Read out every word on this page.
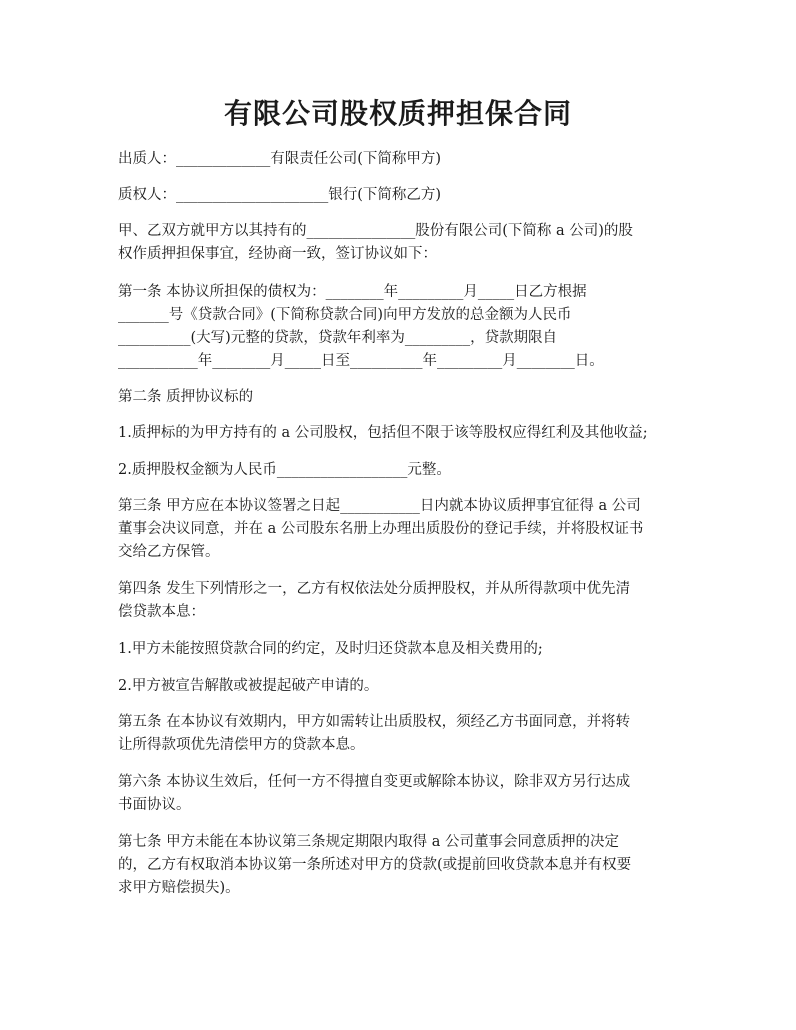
有限公司股权质押担保合同

出质人：_____________有限责任公司(下简称甲方)

质权人：_____________________银行(下简称乙方)

甲、乙双方就甲方以其持有的_______________股份有限公司(下简称 a 公司)的股
权作质押担保事宜，经协商一致，签订协议如下：

第一条 本协议所担保的债权为：________年_________月_____日乙方根据
_______号《贷款合同》(下简称贷款合同)向甲方发放的总金额为人民币
__________(大写)元整的贷款，贷款年利率为_________，贷款期限自
___________年________月_____日至__________年_________月________日。

第二条 质押协议标的

1.质押标的为甲方持有的 a 公司股权，包括但不限于该等股权应得红利及其他收益;

2.质押股权金额为人民币__________________元整。

第三条 甲方应在本协议签署之日起___________日内就本协议质押事宜征得 a 公司
董事会决议同意，并在 a 公司股东名册上办理出质股份的登记手续，并将股权证书
交给乙方保管。

第四条 发生下列情形之一，乙方有权依法处分质押股权，并从所得款项中优先清
偿贷款本息：

1.甲方未能按照贷款合同的约定，及时归还贷款本息及相关费用的;

2.甲方被宣告解散或被提起破产申请的。

第五条 在本协议有效期内，甲方如需转让出质股权，须经乙方书面同意，并将转
让所得款项优先清偿甲方的贷款本息。

第六条 本协议生效后，任何一方不得擅自变更或解除本协议，除非双方另行达成
书面协议。

第七条 甲方未能在本协议第三条规定期限内取得 a 公司董事会同意质押的决定
的，乙方有权取消本协议第一条所述对甲方的贷款(或提前回收贷款本息并有权要
求甲方赔偿损失)。
